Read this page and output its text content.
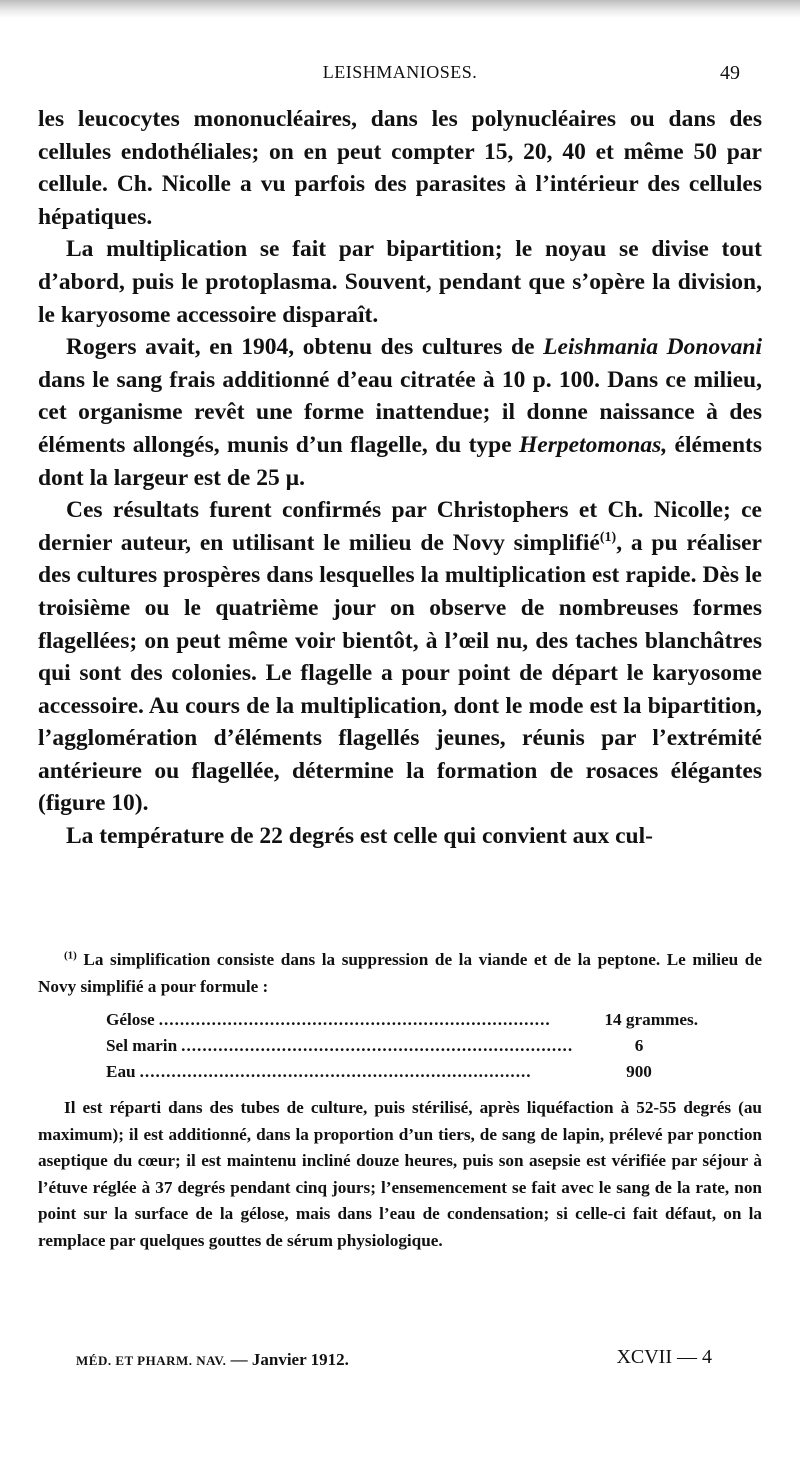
LEISHMANIOSES.	49

les leucocytes mononucléaires, dans les polynucléaires ou dans des cellules endothéliales; on en peut compter 15, 20, 40 et même 50 par cellule. Ch. Nicolle a vu parfois des parasites à l’intérieur des cellules hépatiques.

La multiplication se fait par bipartition; le noyau se divise tout d’abord, puis le protoplasma. Souvent, pendant que s’opère la division, le karyosome accessoire disparaît.

Rogers avait, en 1904, obtenu des cultures de Leishmania Donovani dans le sang frais additionné d’eau citratée à 10 p. 100. Dans ce milieu, cet organisme revêt une forme inattendue; il donne naissance à des éléments allongés, munis d’un flagelle, du type Herpetomonas, éléments dont la largeur est de 25 µ.

Ces résultats furent confirmés par Christophers et Ch. Nicolle; ce dernier auteur, en utilisant le milieu de Novy simplifié$^{(1)}$, a pu réaliser des cultures prospères dans lesquelles la multiplication est rapide. Dès le troisième ou le quatrième jour on observe de nombreuses formes flagellées; on peut même voir bientôt, à l’œil nu, des taches blanchâtres qui sont des colonies. Le flagelle a pour point de départ le karyosome accessoire. Au cours de la multiplication, dont le mode est la bipartition, l’agglomération d’éléments flagellés jeunes, réunis par l’extrémité antérieure ou flagellée, détermine la formation de rosaces élégantes (figure 10).

La température de 22 degrés est celle qui convient aux cul-

$^{(1)}$ La simplification consiste dans la suppression de la viande et de la peptone. Le milieu de Novy simplifié a pour formule :

Gélose ..........................................................................	14 grammes.
Sel marin ..........................................................................	6
Eau ..........................................................................	900

Il est réparti dans des tubes de culture, puis stérilisé, après liquéfaction à 52-55 degrés (au maximum); il est additionné, dans la proportion d’un tiers, de sang de lapin, prélevé par ponction aseptique du cœur; il est maintenu incliné douze heures, puis son asepsie est vérifiée par séjour à l’étuve réglée à 37 degrés pendant cinq jours; l’ensemencement se fait avec le sang de la rate, non point sur la surface de la gélose, mais dans l’eau de condensation; si celle-ci fait défaut, on la remplace par quelques gouttes de sérum physiologique.

MÉD. ET PHARM. NAV. — Janvier 1912.	XCVII — 4
